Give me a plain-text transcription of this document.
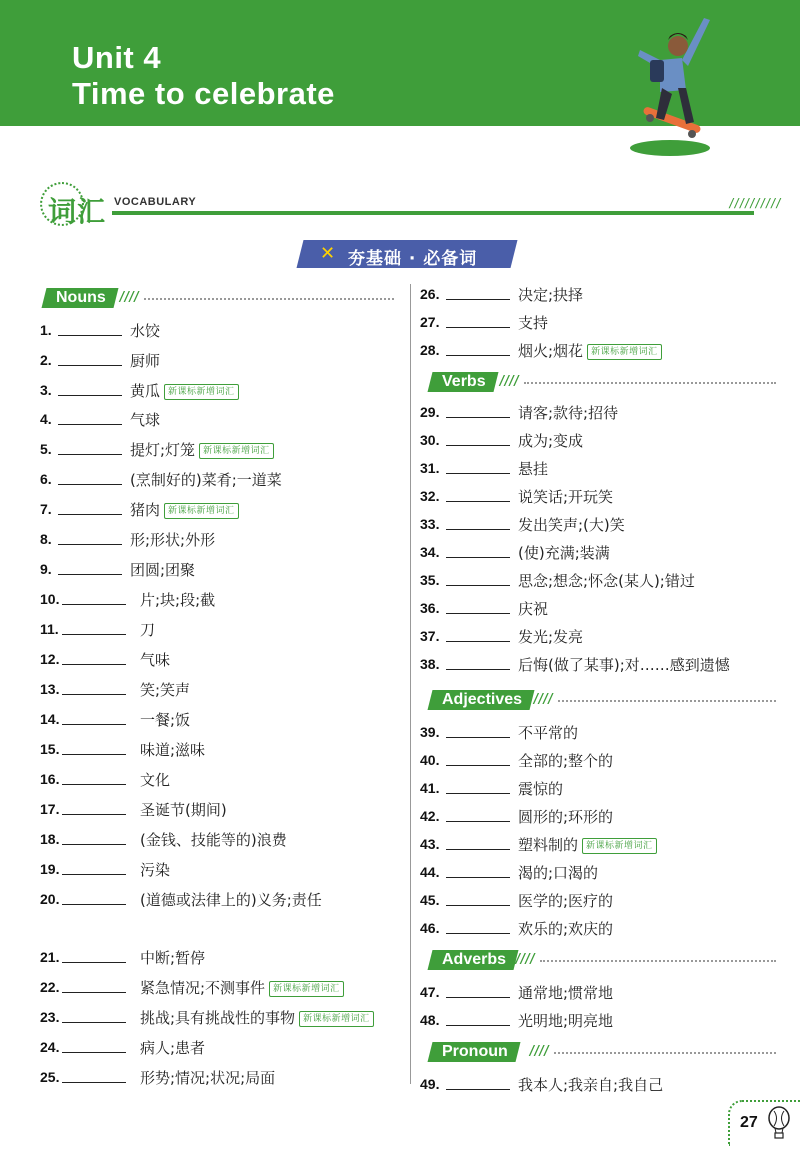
Unit 4
Time to celebrate
词汇 VOCABULARY	//////////
✕ 夯基础 · 必备词
Nouns ////
Verbs ////
Adjectives ////
Adverbs ////
Pronoun	////
1.	水饺
2.	厨师
3.	黄瓜 新课标新增词汇
4.	气球
5.	提灯;灯笼 新课标新增词汇
6.	(烹制好的)菜肴;一道菜
7.	猪肉 新课标新增词汇
8.	形;形状;外形
9.	团圆;团聚
10.	片;块;段;截
11.	刀
12.	气味
13.	笑;笑声
14.	一餐;饭
15.	味道;滋味
16.	文化
17.	圣诞节(期间)
18.	(金钱、技能等的)浪费
19.	污染
20.	(道德或法律上的)义务;责任
21.	中断;暂停
22.	紧急情况;不测事件 新课标新增词汇
23.	挑战;具有挑战性的事物 新课标新增词汇
24.	病人;患者
25.	形势;情况;状况;局面
26.	决定;抉择
27.	支持
28.	烟火;烟花 新课标新增词汇
29.	请客;款待;招待
30.	成为;变成
31.	悬挂
32.	说笑话;开玩笑
33.	发出笑声;(大)笑
34.	(使)充满;装满
35.	思念;想念;怀念(某人);错过
36.	庆祝
37.	发光;发亮
38.	后悔(做了某事);对……感到遗憾
39.	不平常的
40.	全部的;整个的
41.	震惊的
42.	圆形的;环形的
43.	塑料制的 新课标新增词汇
44.	渴的;口渴的
45.	医学的;医疗的
46.	欢乐的;欢庆的
47.	通常地;惯常地
48.	光明地;明亮地
49.	我本人;我亲自;我自己
27
